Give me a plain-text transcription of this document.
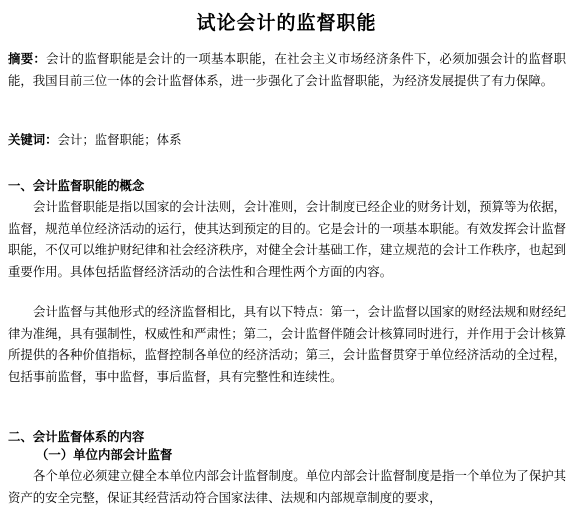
试论会计的监督职能
摘要：会计的监督职能是会计的一项基本职能，在社会主义市场经济条件下，必须加强会计的监督职能，我国目前三位一体的会计监督体系，进一步强化了会计监督职能，为经济发展提供了有力保障。
关键词：会计；监督职能；体系
一、会计监督职能的概念
会计监督职能是指以国家的会计法则，会计准则，会计制度已经企业的财务计划，预算等为依据，监督，规范单位经济活动的运行，使其达到预定的目的。它是会计的一项基本职能。有效发挥会计监督职能，不仅可以维护财纪律和社会经济秩序，对健全会计基础工作，建立规范的会计工作秩序，也起到重要作用。具体包括监督经济活动的合法性和合理性两个方面的内容。
会计监督与其他形式的经济监督相比，具有以下特点：第一，会计监督以国家的财经法规和财经纪律为准绳，具有强制性，权威性和严肃性；第二，会计监督伴随会计核算同时进行，并作用于会计核算所提供的各种价值指标，监督控制各单位的经济活动；第三，会计监督贯穿于单位经济活动的全过程，包括事前监督，事中监督，事后监督，具有完整性和连续性。
二、会计监督体系的内容
（一）单位内部会计监督
各个单位必须建立健全本单位内部会计监督制度。单位内部会计监督制度是指一个单位为了保护其资产的安全完整，保证其经营活动符合国家法律、法规和内部规章制度的要求，
